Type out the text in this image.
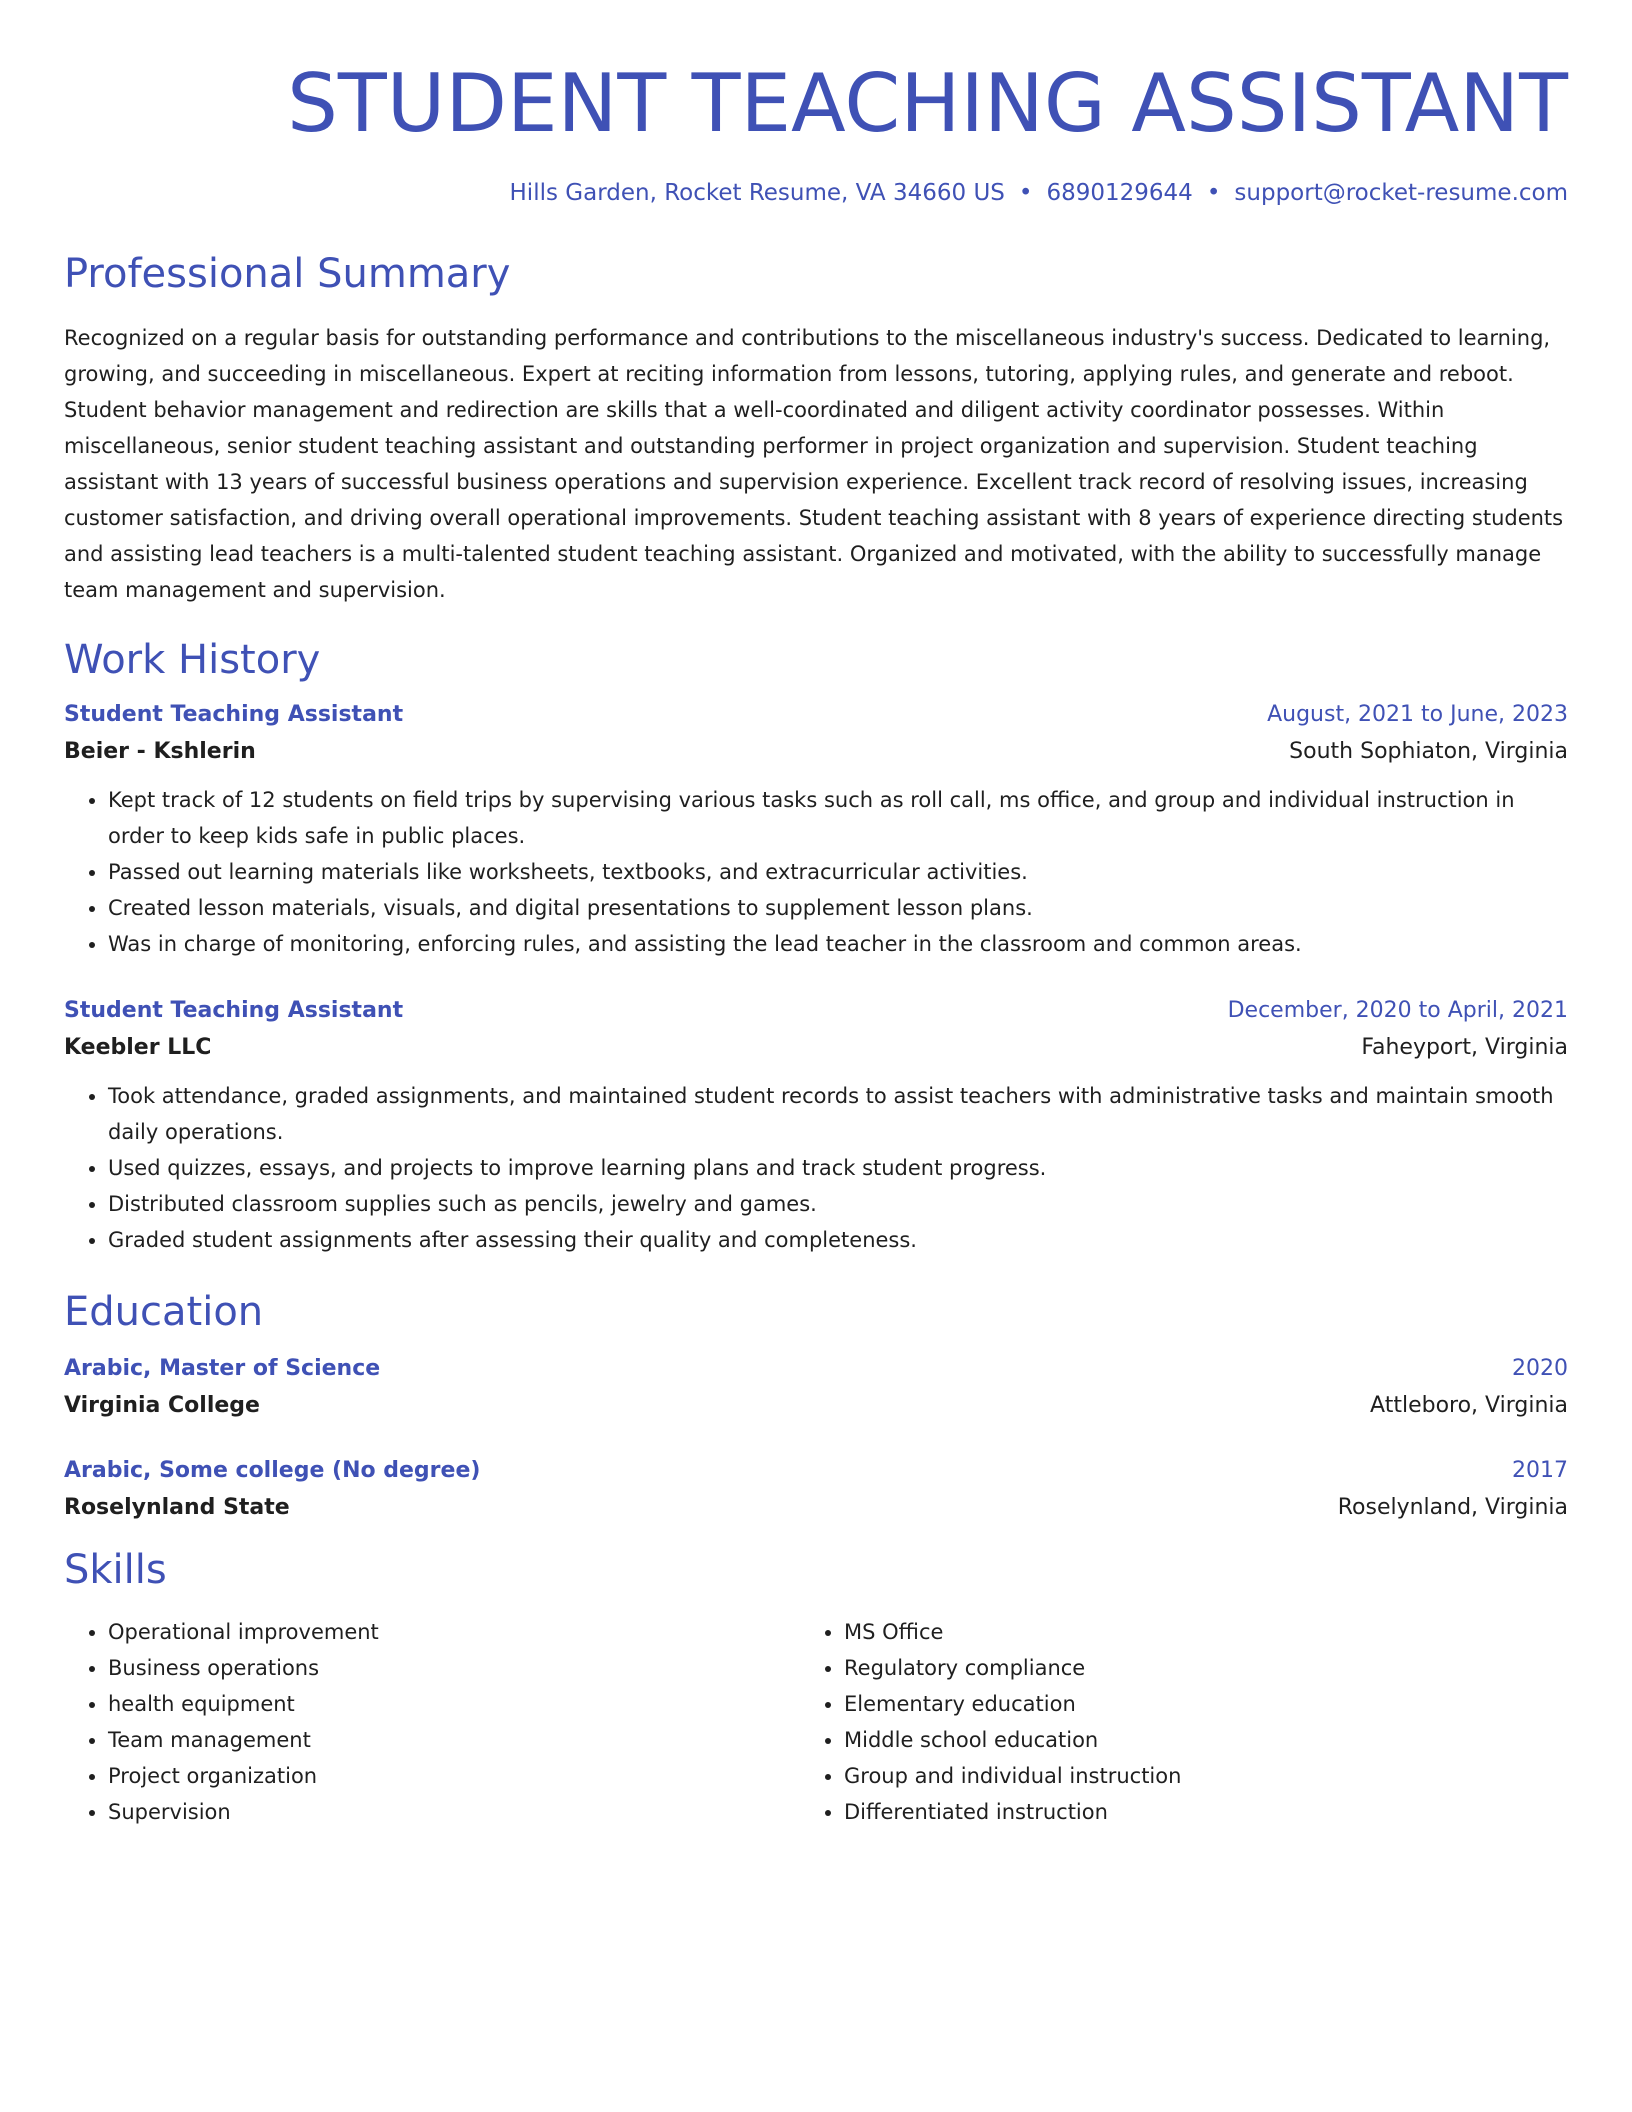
STUDENT TEACHING ASSISTANT
Hills Garden, Rocket Resume, VA 34660 US • 6890129644 • support@rocket-resume.com
Professional Summary
Recognized on a regular basis for outstanding performance and contributions to the miscellaneous industry's success. Dedicated to learning, growing, and succeeding in miscellaneous. Expert at reciting information from lessons, tutoring, applying rules, and generate and reboot. Student behavior management and redirection are skills that a well-coordinated and diligent activity coordinator possesses. Within miscellaneous, senior student teaching assistant and outstanding performer in project organization and supervision. Student teaching assistant with 13 years of successful business operations and supervision experience. Excellent track record of resolving issues, increasing customer satisfaction, and driving overall operational improvements. Student teaching assistant with 8 years of experience directing students and assisting lead teachers is a multi-talented student teaching assistant. Organized and motivated, with the ability to successfully manage team management and supervision.
Work History
Student Teaching Assistant	August, 2021 to June, 2023
Beier - Kshlerin	South Sophiaton, Virginia
• Kept track of 12 students on field trips by supervising various tasks such as roll call, ms office, and group and individual instruction in order to keep kids safe in public places.
• Passed out learning materials like worksheets, textbooks, and extracurricular activities.
• Created lesson materials, visuals, and digital presentations to supplement lesson plans.
• Was in charge of monitoring, enforcing rules, and assisting the lead teacher in the classroom and common areas.
Student Teaching Assistant	December, 2020 to April, 2021
Keebler LLC	Faheyport, Virginia
• Took attendance, graded assignments, and maintained student records to assist teachers with administrative tasks and maintain smooth daily operations.
• Used quizzes, essays, and projects to improve learning plans and track student progress.
• Distributed classroom supplies such as pencils, jewelry and games.
• Graded student assignments after assessing their quality and completeness.
Education
Arabic, Master of Science	2020
Virginia College	Attleboro, Virginia
Arabic, Some college (No degree)	2017
Roselynland State	Roselynland, Virginia
Skills
• Operational improvement
• Business operations
• health equipment
• Team management
• Project organization
• Supervision
• MS Office
• Regulatory compliance
• Elementary education
• Middle school education
• Group and individual instruction
• Differentiated instruction
